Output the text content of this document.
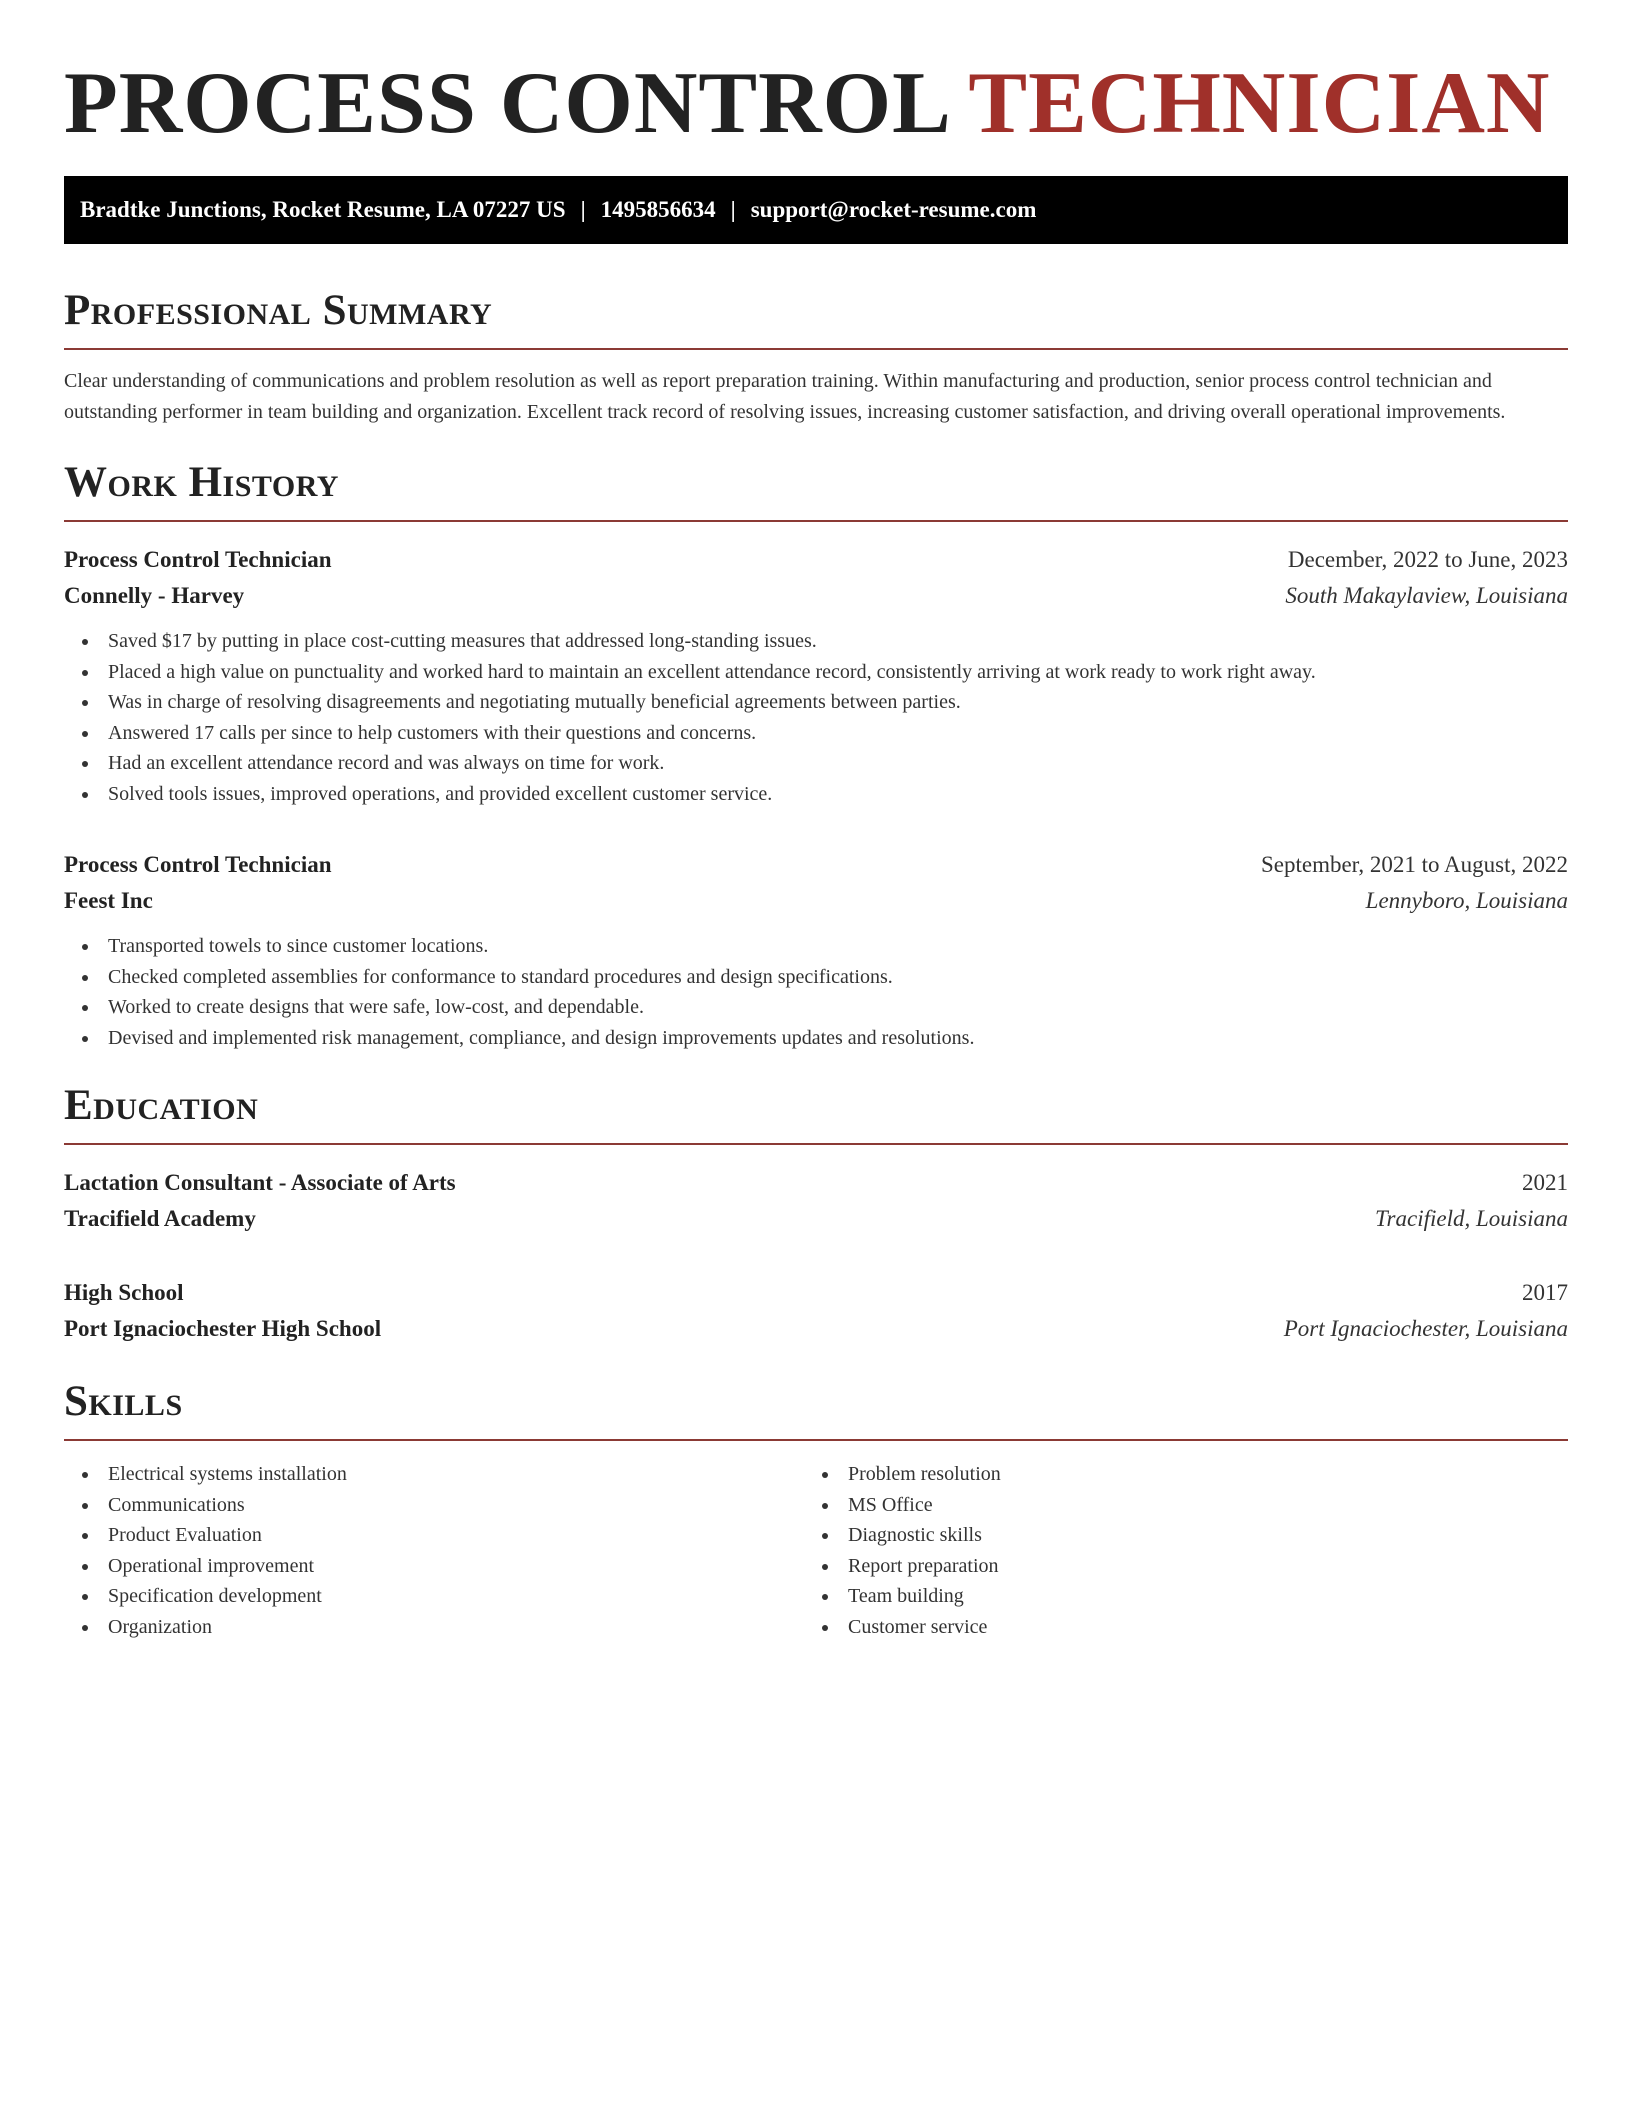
PROCESS CONTROL TECHNICIAN
Bradtke Junctions, Rocket Resume, LA 07227 US | 1495856634 | support@rocket-resume.com
Professional Summary

Clear understanding of communications and problem resolution as well as report preparation training. Within manufacturing and production, senior process control technician and outstanding performer in team building and organization. Excellent track record of resolving issues, increasing customer satisfaction, and driving overall operational improvements.

Work History
Process Control Technician	December, 2022 to June, 2023
Connelly - Harvey	South Makaylaview, Louisiana
Saved $17 by putting in place cost-cutting measures that addressed long-standing issues.
Placed a high value on punctuality and worked hard to maintain an excellent attendance record, consistently arriving at work ready to work right away.
Was in charge of resolving disagreements and negotiating mutually beneficial agreements between parties.
Answered 17 calls per since to help customers with their questions and concerns.
Had an excellent attendance record and was always on time for work.
Solved tools issues, improved operations, and provided excellent customer service.
Process Control Technician	September, 2021 to August, 2022
Feest Inc	Lennyboro, Louisiana
Transported towels to since customer locations.
Checked completed assemblies for conformance to standard procedures and design specifications.
Worked to create designs that were safe, low-cost, and dependable.
Devised and implemented risk management, compliance, and design improvements updates and resolutions.
Education
Lactation Consultant - Associate of Arts	2021
Tracifield Academy	Tracifield, Louisiana
High School	2017
Port Ignaciochester High School	Port Ignaciochester, Louisiana
Skills
Electrical systems installation
Communications
Product Evaluation
Operational improvement
Specification development
Organization
Problem resolution
MS Office
Diagnostic skills
Report preparation
Team building
Customer service
